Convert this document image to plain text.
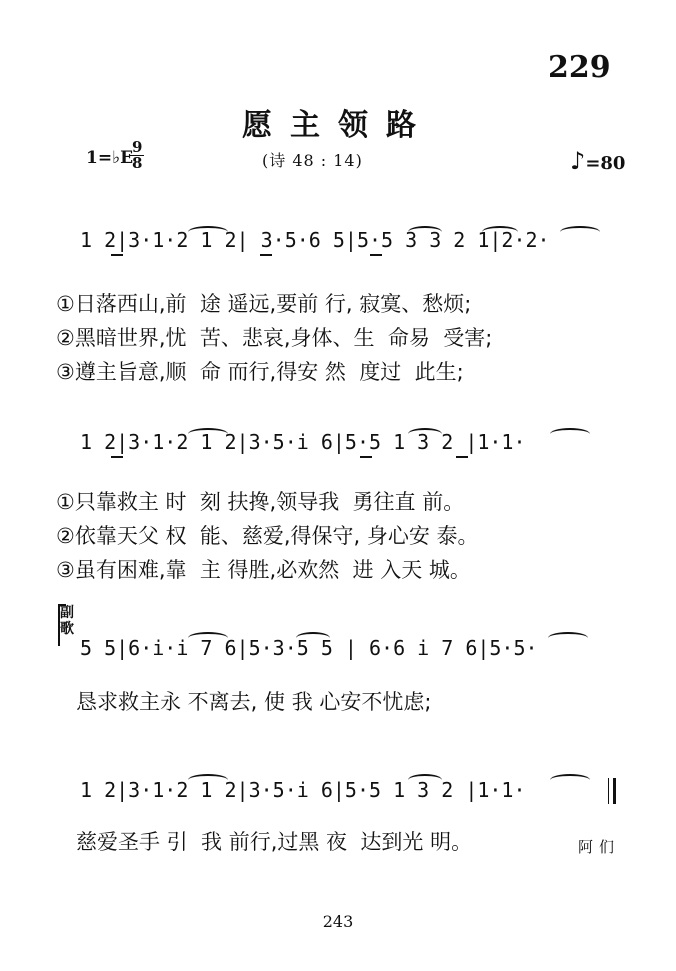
229
愿主领路
1=♭E
$\frac{9}{8}$	(诗 48 : 14)	♪=80
1 2|3·1·2 1 2| 3·5·6 5|5·5 3 3 2 1|2·2·
①日落西山,前  途 遥远,要前 行, 寂寞、愁烦;
②黑暗世界,忧  苦、悲哀,身体、生  命易  受害;
③遵主旨意,顺  命 而行,得安 然  度过  此生;
1 2|3·1·2 1 2|3·5·i 6|5·5 1 3 2 |1·1·
①只靠救主 时  刻 扶搀,领导我  勇往直 前。
②依靠天父 权  能、慈爱,得保守, 身心安 泰。
③虽有困难,靠  主 得胜,必欢然  进 入天 城。
副
歌
5 5|6·i·i 7 6|5·3·5 5 | 6·6 i 7 6|5·5·
恳求救主永 不离去, 使 我 心安不忧虑;
1 2|3·1·2 1 2|3·5·i 6|5·5 1 3 2 |1·1·
慈爱圣手 引  我 前行,过黑 夜  达到光 明。	阿们
243
